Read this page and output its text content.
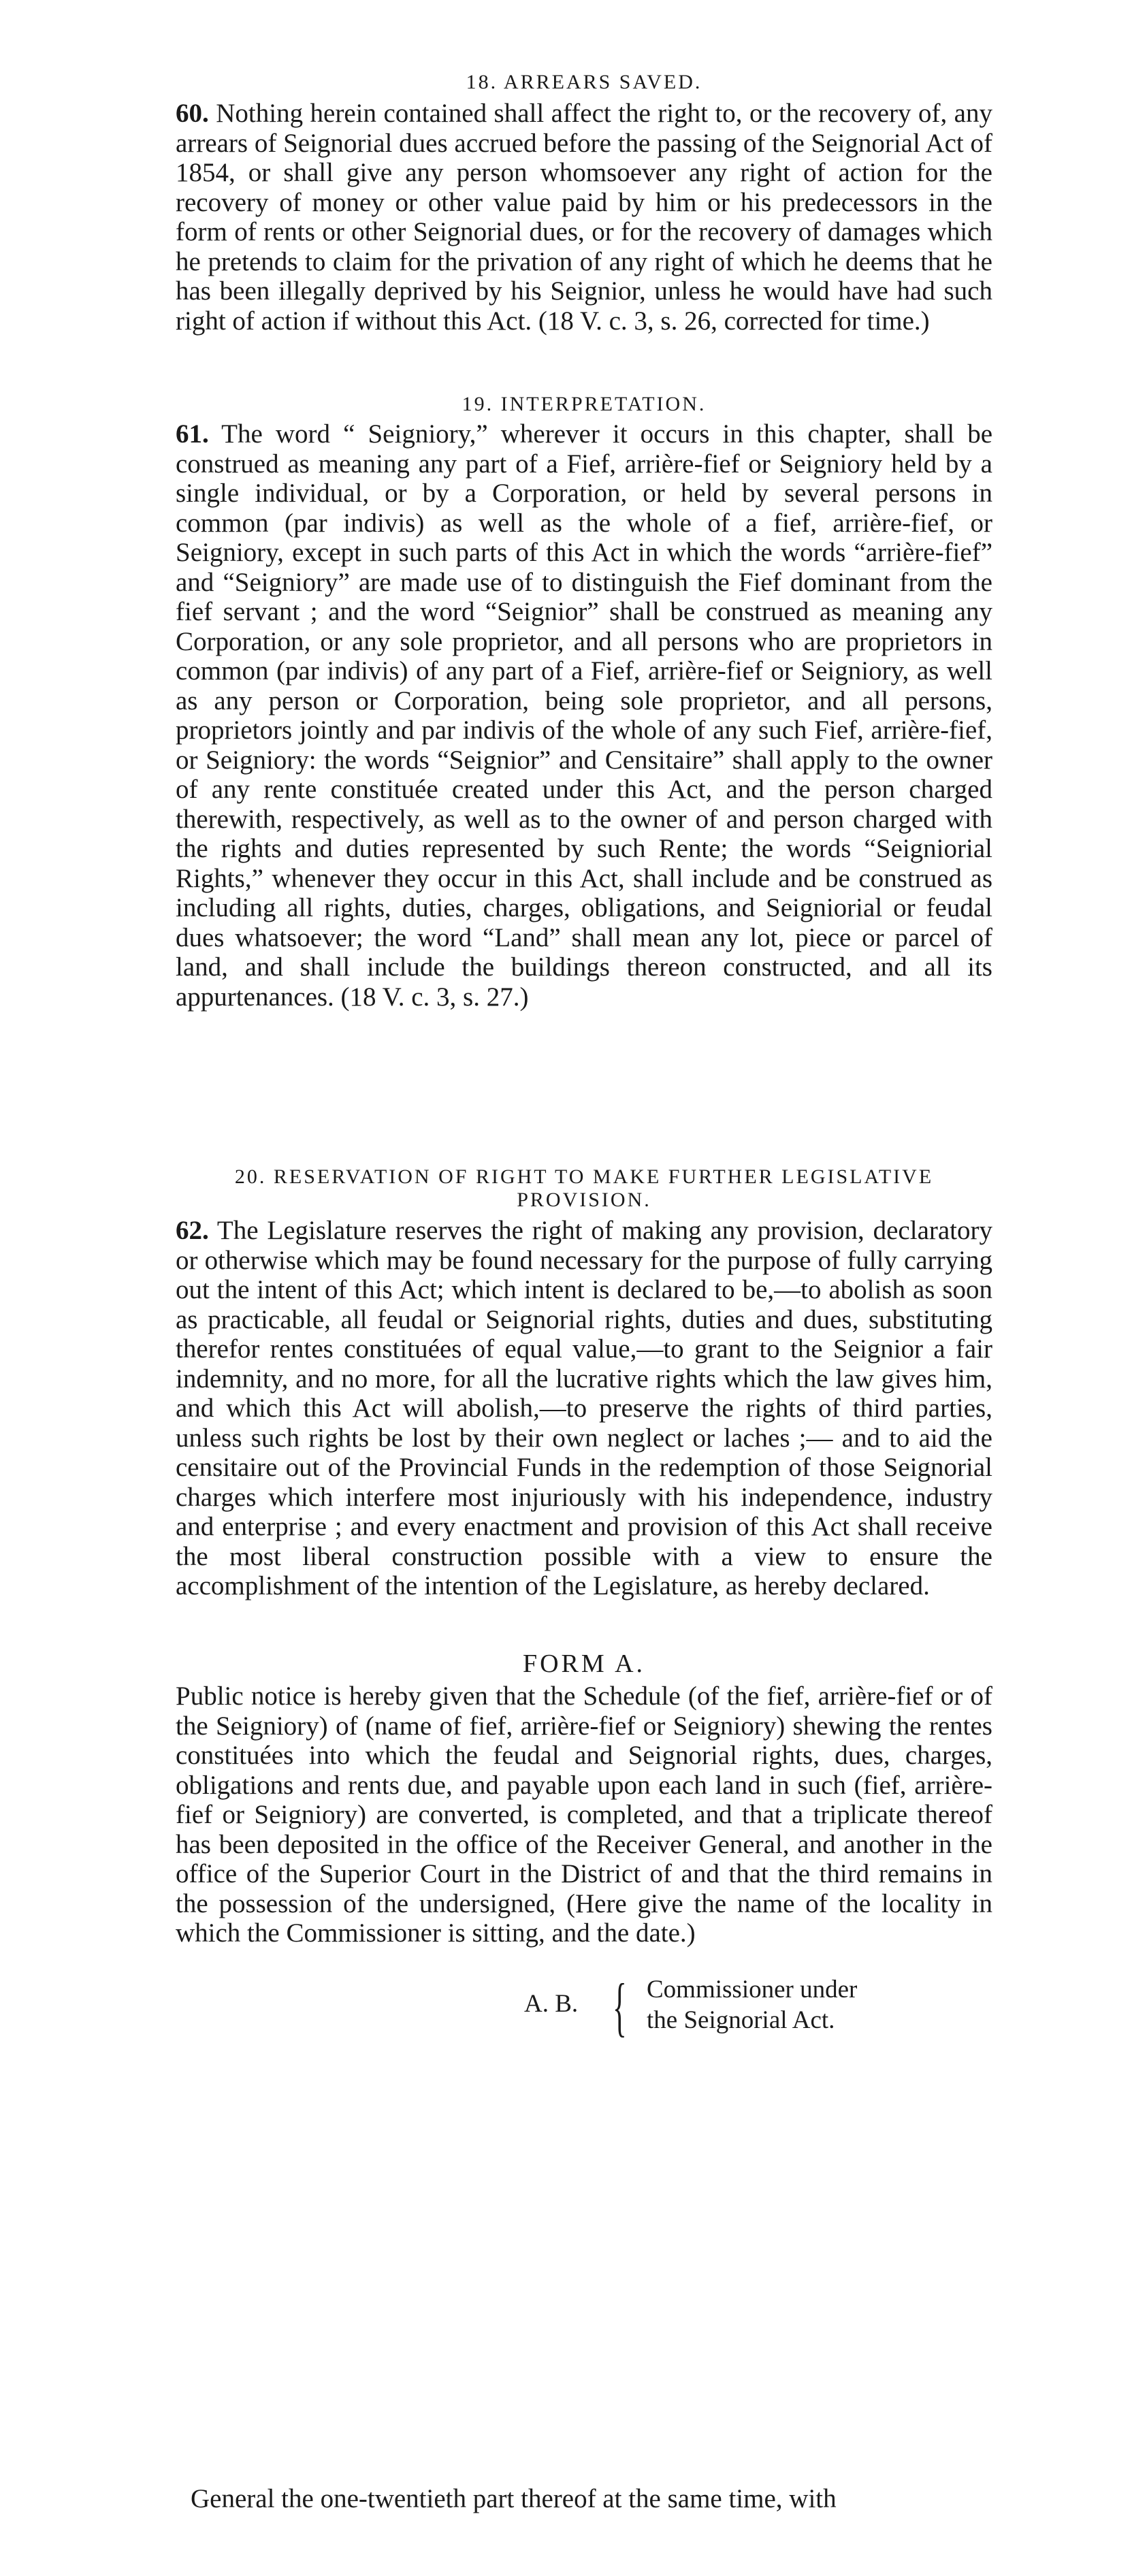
18. ARREARS SAVED.

60. Nothing herein contained shall affect the right to, or the recovery of, any arrears of Seignorial dues accrued before the passing of the Seignorial Act of 1854, or shall give any person whomsoever any right of action for the recovery of money or other value paid by him or his predecessors in the form of rents or other Seignorial dues, or for the recovery of damages which he pretends to claim for the privation of any right of which he deems that he has been illegally deprived by his Seignior, unless he would have had such right of action if without this Act. (18 V. c. 3, s. 26, corrected for time.)

19. INTERPRETATION.

61. The word “ Seigniory,” wherever it occurs in this chapter, shall be construed as meaning any part of a Fief, arrière-fief or Seigniory held by a single individual, or by a Corporation, or held by several persons in common (par indivis) as well as the whole of a fief, arrière-fief, or Seigniory, except in such parts of this Act in which the words “arrière-fief” and “Seigniory” are made use of to distinguish the Fief dominant from the fief servant ; and the word “Seignior” shall be construed as meaning any Corporation, or any sole proprietor, and all persons who are proprietors in common (par indivis) of any part of a Fief, arrière-fief or Seigniory, as well as any person or Corporation, being sole proprietor, and all persons, proprietors jointly and par indivis of the whole of any such Fief, arrière-fief, or Seigniory: the words “Seignior” and Censitaire” shall apply to the owner of any rente constituée created under this Act, and the person charged therewith, respectively, as well as to the owner of and person charged with the rights and duties represented by such Rente; the words “Seigniorial Rights,” whenever they occur in this Act, shall include and be construed as including all rights, duties, charges, obligations, and Seigniorial or feudal dues whatsoever; the word “Land” shall mean any lot, piece or parcel of land, and shall include the buildings thereon constructed, and all its appurtenances. (18 V. c. 3, s. 27.)

20. RESERVATION OF RIGHT TO MAKE FURTHER LEGISLATIVE PROVISION.

62. The Legislature reserves the right of making any provision, declaratory or otherwise which may be found necessary for the purpose of fully carrying out the intent of this Act; which intent is declared to be,—to abolish as soon as practicable, all feudal or Seignorial rights, duties and dues, substituting therefor rentes constituées of equal value,—to grant to the Seignior a fair indemnity, and no more, for all the lucrative rights which the law gives him, and which this Act will abolish,—to preserve the rights of third parties, unless such rights be lost by their own neglect or laches ;— and to aid the censitaire out of the Provincial Funds in the redemption of those Seignorial charges which interfere most injuriously with his independence, industry and enterprise ; and every enactment and provision of this Act shall receive the most liberal construction possible with a view to ensure the accomplishment of the intention of the Legislature, as hereby declared.

FORM A.

Public notice is hereby given that the Schedule (of the fief, arrière-fief or of the Seigniory) of (name of fief, arrière-fief or Seigniory) shewing the rentes constituées into which the feudal and Seignorial rights, dues, charges, obligations and rents due, and payable upon each land in such (fief, arrière-fief or Seigniory) are converted, is completed, and that a triplicate thereof has been deposited in the office of the Receiver General, and another in the office of the Superior Court in the District of and that the third remains in the possession of the undersigned, (Here give the name of the locality in which the Commissioner is sitting, and the date.)

A. B. { Commissioner under
the Seignorial Act.
General the one-twentieth part thereof at the same time, with
